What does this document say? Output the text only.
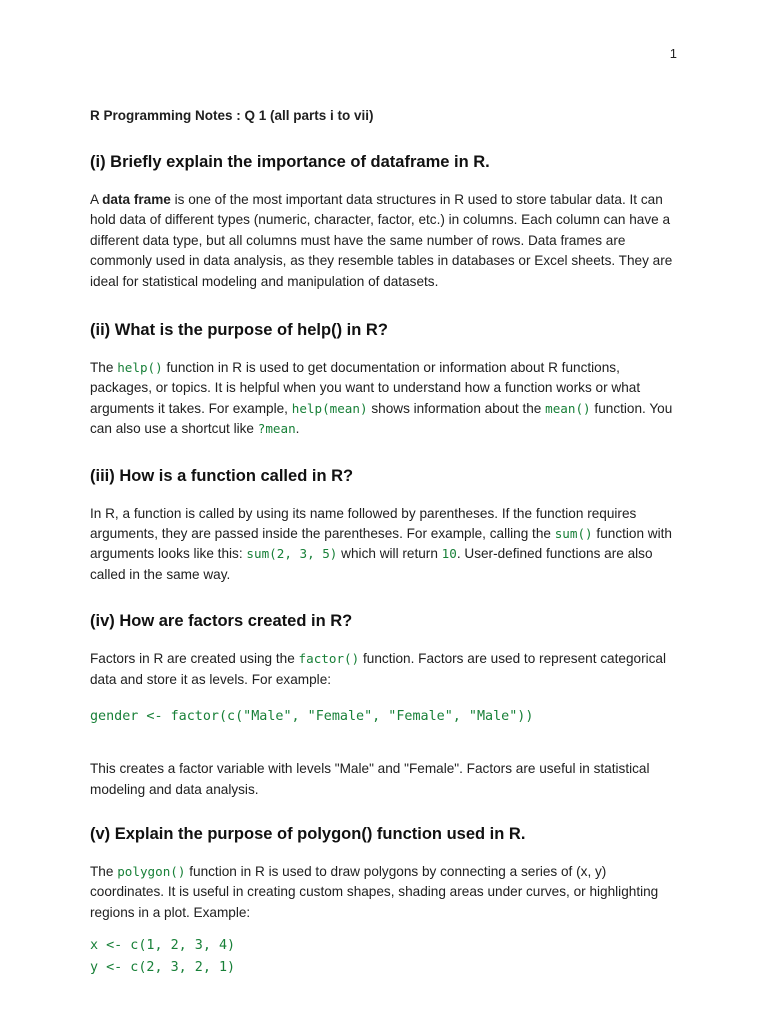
1
R Programming Notes : Q 1 (all parts i to vii)
(i) Briefly explain the importance of dataframe in R.

A data frame is one of the most important data structures in R used to store tabular data. It can hold data of different types (numeric, character, factor, etc.) in columns. Each column can have a different data type, but all columns must have the same number of rows. Data frames are commonly used in data analysis, as they resemble tables in databases or Excel sheets. They are ideal for statistical modeling and manipulation of datasets.

(ii) What is the purpose of help() in R?

The help() function in R is used to get documentation or information about R functions, packages, or topics. It is helpful when you want to understand how a function works or what arguments it takes. For example, help(mean) shows information about the mean() function. You can also use a shortcut like ?mean.

(iii) How is a function called in R?

In R, a function is called by using its name followed by parentheses. If the function requires arguments, they are passed inside the parentheses. For example, calling the sum() function with arguments looks like this: sum(2, 3, 5) which will return 10. User-defined functions are also called in the same way.

(iv) How are factors created in R?

Factors in R are created using the factor() function. Factors are used to represent categorical data and store it as levels. For example:

gender <- factor(c("Male", "Female", "Female", "Male"))

This creates a factor variable with levels "Male" and "Female". Factors are useful in statistical modeling and data analysis.

(v) Explain the purpose of polygon() function used in R.

The polygon() function in R is used to draw polygons by connecting a series of (x, y) coordinates. It is useful in creating custom shapes, shading areas under curves, or highlighting regions in a plot. Example:

x <- c(1, 2, 3, 4)
y <- c(2, 3, 2, 1)
